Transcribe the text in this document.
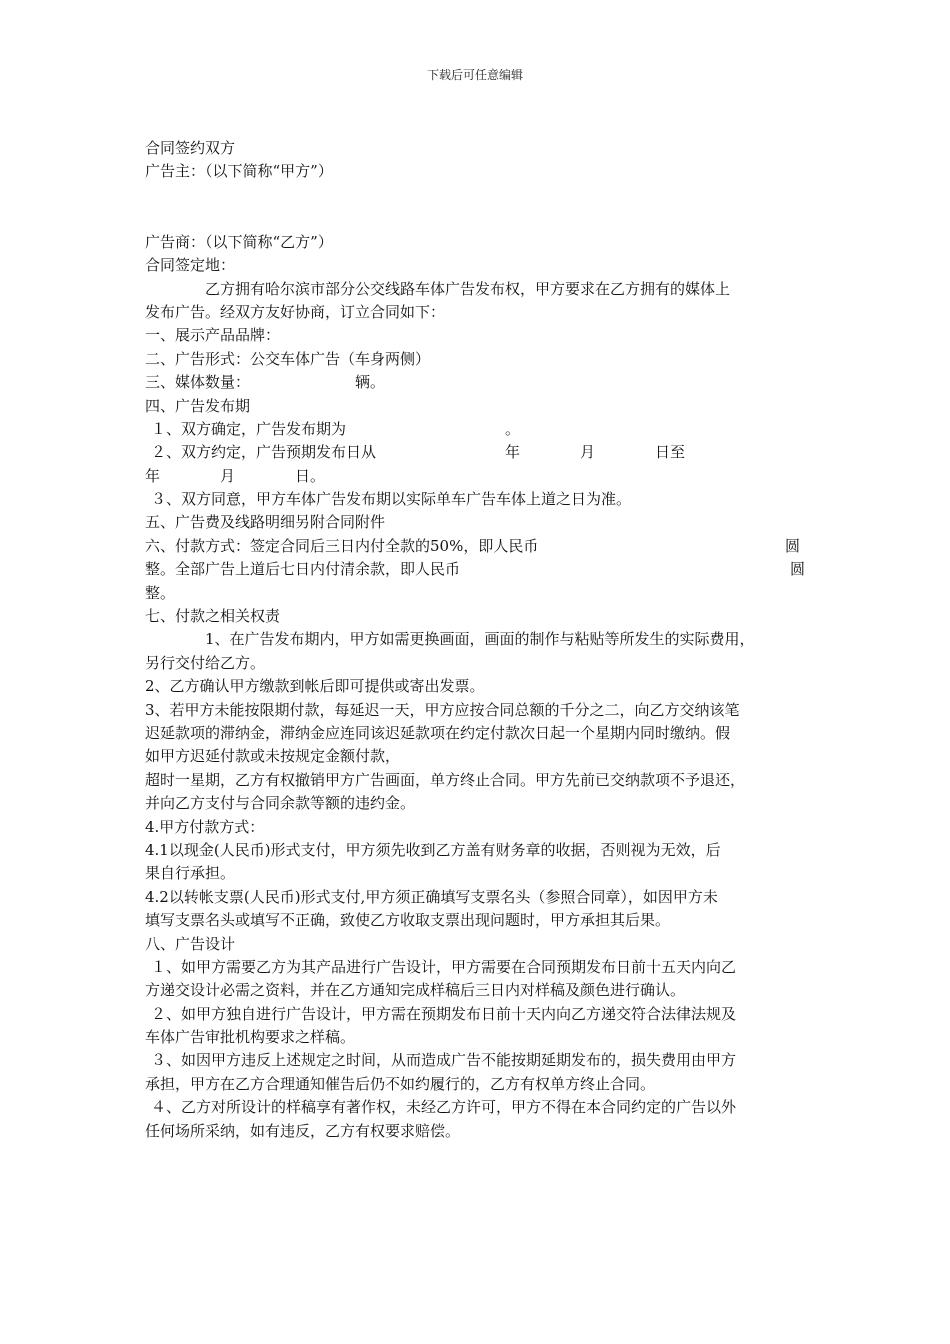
下载后可任意编辑
合同签约双方
广告主：（以下简称“甲方”）
广告商：（以下简称“乙方”）
合同签定地：
乙方拥有哈尔滨市部分公交线路车体广告发布权，甲方要求在乙方拥有的媒体上
发布广告。经双方友好协商，订立合同如下：
一、展示产品品牌：
二、广告形式：公交车体广告（车身两侧）
三、媒体数量：	辆。
四、广告发布期
１、双方确定，广告发布期为	。
２、双方约定，广告预期发布日从	年	月	日至
年	月	日。
３、双方同意，甲方车体广告发布期以实际单车广告车体上道之日为准。
五、广告费及线路明细另附合同附件
六、付款方式：签定合同后三日内付全款的50%，即人民币	圆
整。全部广告上道后七日内付清余款，即人民币	圆
整。
七、付款之相关权责
1、在广告发布期内，甲方如需更换画面，画面的制作与粘贴等所发生的实际费用，
另行交付给乙方。
2、乙方确认甲方缴款到帐后即可提供或寄出发票。
3、若甲方未能按限期付款，每延迟一天，甲方应按合同总额的千分之二，向乙方交纳该笔
迟延款项的滞纳金，滞纳金应连同该迟延款项在约定付款次日起一个星期内同时缴纳。假
如甲方迟延付款或未按规定金额付款，
超时一星期，乙方有权撤销甲方广告画面，单方终止合同。甲方先前已交纳款项不予退还，
并向乙方支付与合同余款等额的违约金。
4.甲方付款方式：
4.1以现金(人民币)形式支付，甲方须先收到乙方盖有财务章的收据，否则视为无效，后
果自行承担。
4.2以转帐支票(人民币)形式支付,甲方须正确填写支票名头（参照合同章），如因甲方未
填写支票名头或填写不正确，致使乙方收取支票出现问题时，甲方承担其后果。
八、广告设计
１、如甲方需要乙方为其产品进行广告设计，甲方需要在合同预期发布日前十五天内向乙
方递交设计必需之资料，并在乙方通知完成样稿后三日内对样稿及颜色进行确认。
２、如甲方独自进行广告设计，甲方需在预期发布日前十天内向乙方递交符合法律法规及
车体广告审批机构要求之样稿。
３、如因甲方违反上述规定之时间，从而造成广告不能按期延期发布的，损失费用由甲方
承担，甲方在乙方合理通知催告后仍不如约履行的，乙方有权单方终止合同。
４、乙方对所设计的样稿享有著作权，未经乙方许可，甲方不得在本合同约定的广告以外
任何场所采纳，如有违反，乙方有权要求赔偿。
